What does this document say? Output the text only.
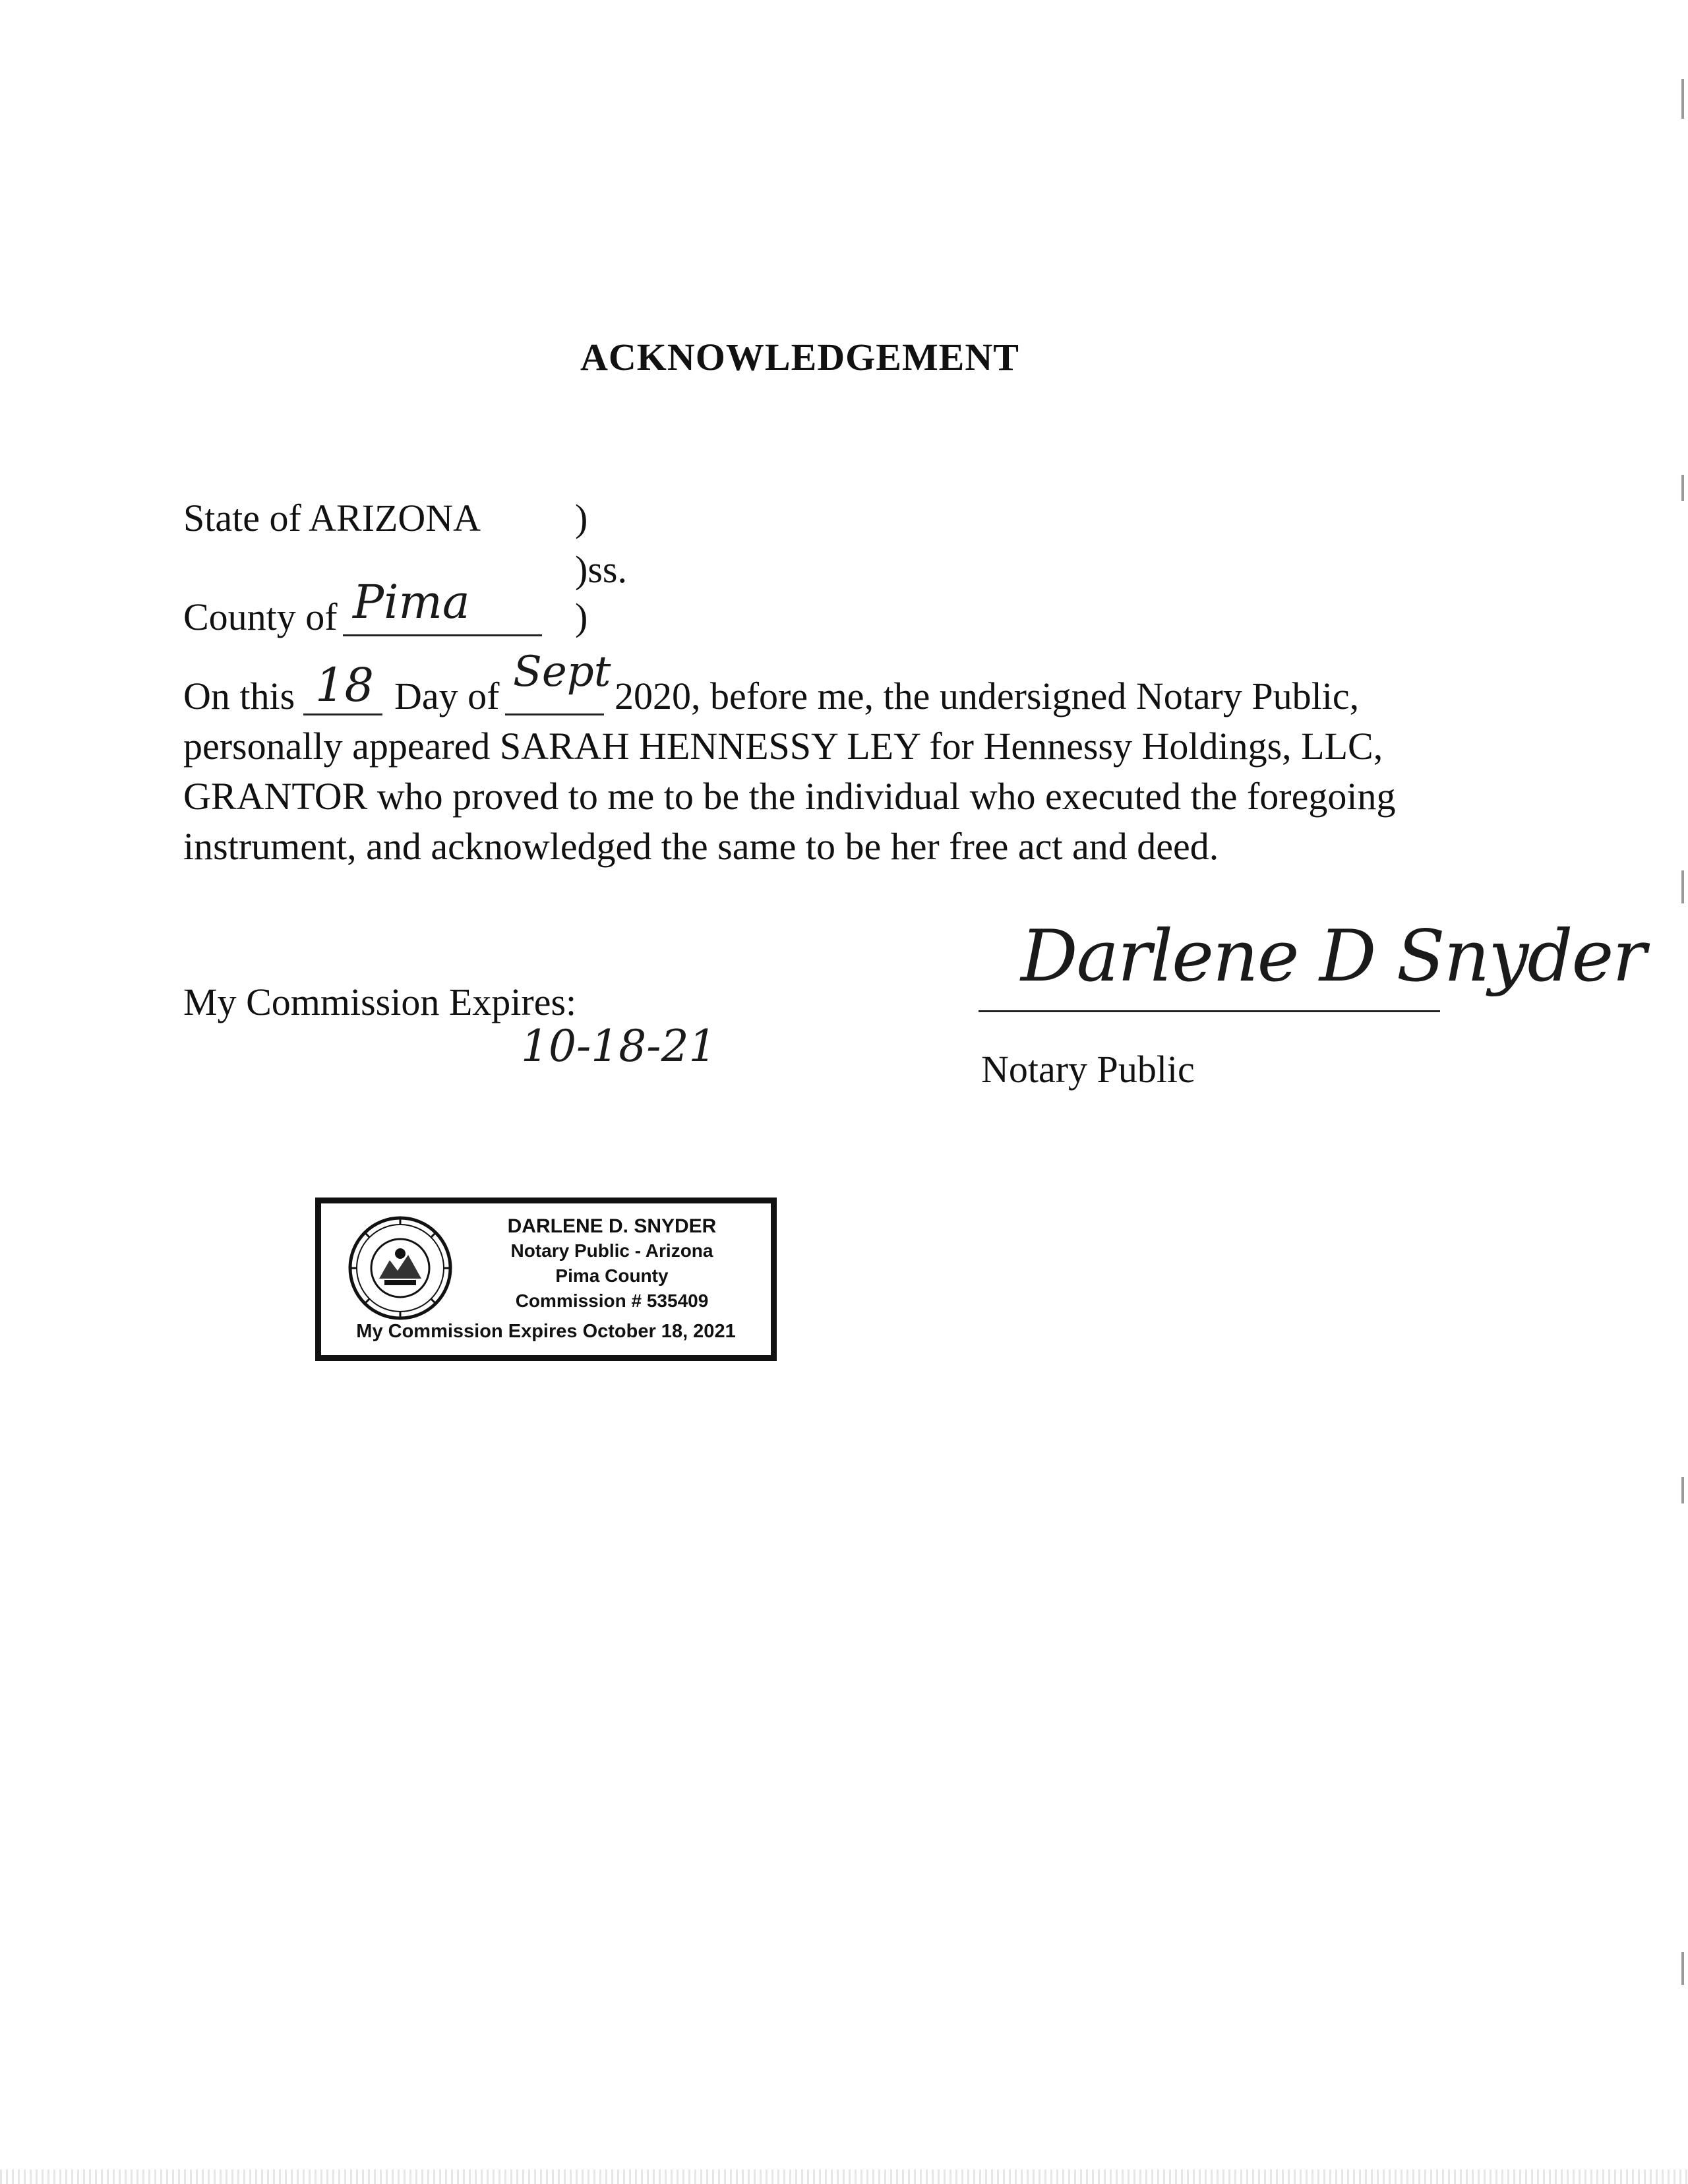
ACKNOWLEDGEMENT
State of ARIZONA )
)ss.
County of Pima	)
On this 18 Day of Sept 2020, before me, the undersigned Notary Public,
personally appeared SARAH HENNESSY LEY for Hennessy Holdings, LLC,
GRANTOR who proved to me to be the individual who executed the foregoing
instrument, and acknowledged the same to be her free act and deed.
My Commission Expires:
10-18-21
Darlene D Snyder
Notary Public
DARLENE D. SNYDER
Notary Public - Arizona
Pima County
Commission # 535409
My Commission Expires October 18, 2021
